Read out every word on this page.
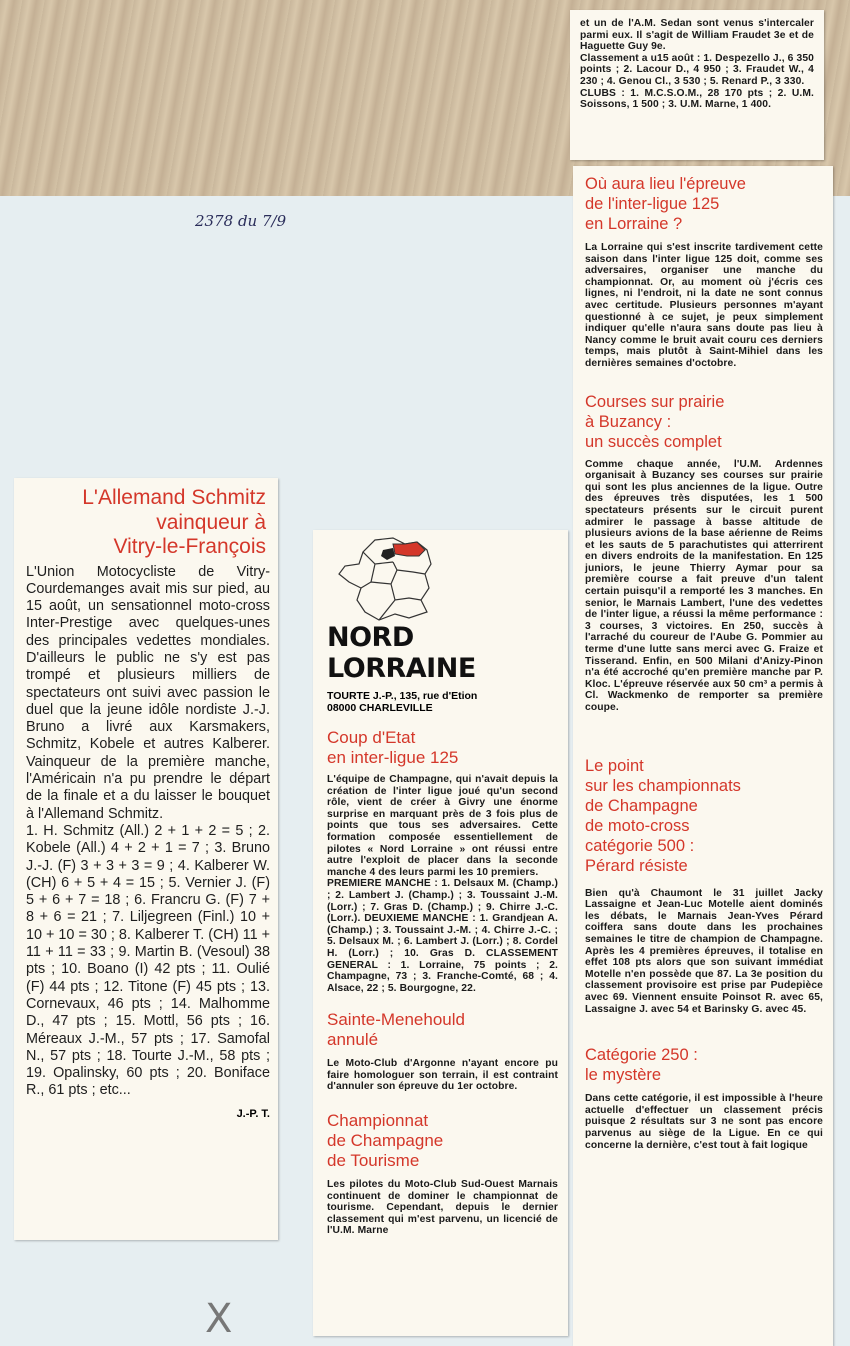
2378 du 7/9
et un de l'A.M. Sedan sont venus s'intercaler parmi eux. Il s'agit de William Fraudet 3e et de Haguette Guy 9e.
Classement a u15 août : 1. Despezello J., 6 350 points ; 2. Lacour D., 4 950 ; 3. Fraudet W., 4 230 ; 4. Genou Cl., 3 530 ; 5. Renard P., 3 330.
CLUBS : 1. M.C.S.O.M., 28 170 pts ; 2. U.M. Soissons, 1 500 ; 3. U.M. Marne, 1 400.
Où aura lieu l'épreuve
de l'inter-ligue 125
en Lorraine ?
La Lorraine qui s'est inscrite tardivement cette saison dans l'inter ligue 125 doit, comme ses adversaires, organiser une manche du championnat. Or, au moment où j'écris ces lignes, ni l'endroit, ni la date ne sont connus avec certitude. Plusieurs personnes m'ayant questionné à ce sujet, je peux simplement indiquer qu'elle n'aura sans doute pas lieu à Nancy comme le bruit avait couru ces derniers temps, mais plutôt à Saint-Mihiel dans les dernières semaines d'octobre.
Courses sur prairie
à Buzancy :
un succès complet
Comme chaque année, l'U.M. Ardennes organisait à Buzancy ses courses sur prairie qui sont les plus anciennes de la ligue. Outre des épreuves très disputées, les 1 500 spectateurs présents sur le circuit purent admirer le passage à basse altitude de plusieurs avions de la base aérienne de Reims et les sauts de 5 parachutistes qui atterrirent en divers endroits de la manifestation. En 125 juniors, le jeune Thierry Aymar pour sa première course a fait preuve d'un talent certain puisqu'il a remporté les 3 manches. En senior, le Marnais Lambert, l'une des vedettes de l'inter ligue, a réussi la même performance : 3 courses, 3 victoires. En 250, succès à l'arraché du coureur de l'Aube G. Pommier au terme d'une lutte sans merci avec G. Fraize et Tisserand. Enfin, en 500 Milani d'Anizy-Pinon n'a été accroché qu'en première manche par P. Kloc. L'épreuve réservée aux 50 cm³ a permis à Cl. Wackmenko de remporter sa première coupe.
Le point
sur les championnats
de Champagne
de moto-cross
catégorie 500 :
Pérard résiste
Bien qu'à Chaumont le 31 juillet Jacky Lassaigne et Jean-Luc Motelle aient dominés les débats, le Marnais Jean-Yves Pérard coiffera sans doute dans les prochaines semaines le titre de champion de Champagne. Après les 4 premières épreuves, il totalise en effet 108 pts alors que son suivant immédiat Motelle n'en possède que 87. La 3e position du classement provisoire est prise par Pudepièce avec 69. Viennent ensuite Poinsot R. avec 65, Lassaigne J. avec 54 et Barinsky G. avec 45.
Catégorie 250 :
le mystère
Dans cette catégorie, il est impossible à l'heure actuelle d'effectuer un classement précis puisque 2 résultats sur 3 ne sont pas encore parvenus au siège de la Ligue. En ce qui concerne la dernière, c'est tout à fait logique
L'Allemand Schmitz
vainqueur à
Vitry-le-François
L'Union Motocycliste de Vitry-Courdemanges avait mis sur pied, au 15 août, un sensationnel moto-cross Inter-Prestige avec quelques-unes des principales vedettes mondiales. D'ailleurs le public ne s'y est pas trompé et plusieurs milliers de spectateurs ont suivi avec passion le duel que la jeune idôle nordiste J.-J. Bruno a livré aux Karsmakers, Schmitz, Kobele et autres Kalberer. Vainqueur de la première manche, l'Américain n'a pu prendre le départ de la finale et a du laisser le bouquet à l'Allemand Schmitz.
1. H. Schmitz (All.) 2 + 1 + 2 = 5 ; 2. Kobele (All.) 4 + 2 + 1 = 7 ; 3. Bruno J.-J. (F) 3 + 3 + 3 = 9 ; 4. Kalberer W. (CH) 6 + 5 + 4 = 15 ; 5. Vernier J. (F) 5 + 6 + 7 = 18 ; 6. Francru G. (F) 7 + 8 + 6 = 21 ; 7. Liljegreen (Finl.) 10 + 10 + 10 = 30 ; 8. Kalberer T. (CH) 11 + 11 + 11 = 33 ; 9. Martin B. (Vesoul) 38 pts ; 10. Boano (I) 42 pts ; 11. Oulié (F) 44 pts ; 12. Titone (F) 45 pts ; 13. Cornevaux, 46 pts ; 14. Malhomme D., 47 pts ; 15. Mottl, 56 pts ; 16. Méreaux J.-M., 57 pts ; 17. Samofal N., 57 pts ; 18. Tourte J.-M., 58 pts ; 19. Opalinsky, 60 pts ; 20. Boniface R., 61 pts ; etc...
J.-P. T.
NORD LORRAINE
TOURTE J.-P., 135, rue d'Etion
08000 CHARLEVILLE
Coup d'Etat
en inter-ligue 125
L'équipe de Champagne, qui n'avait depuis la création de l'inter ligue joué qu'un second rôle, vient de créer à Givry une énorme surprise en marquant près de 3 fois plus de points que tous ses adversaires. Cette formation composée essentiellement de pilotes « Nord Lorraine » ont réussi entre autre l'exploit de placer dans la seconde manche 4 des leurs parmi les 10 premiers.
PREMIERE MANCHE : 1. Delsaux M. (Champ.) ; 2. Lambert J. (Champ.) ; 3. Toussaint J.-M. (Lorr.) ; 7. Gras D. (Champ.) ; 9. Chirre J.-C. (Lorr.). DEUXIEME MANCHE : 1. Grandjean A. (Champ.) ; 3. Toussaint J.-M. ; 4. Chirre J.-C. ; 5. Delsaux M. ; 6. Lambert J. (Lorr.) ; 8. Cordel H. (Lorr.) ; 10. Gras D. CLASSEMENT GENERAL : 1. Lorraine, 75 points ; 2. Champagne, 73 ; 3. Franche-Comté, 68 ; 4. Alsace, 22 ; 5. Bourgogne, 22.
Sainte-Menehould
annulé
Le Moto-Club d'Argonne n'ayant encore pu faire homologuer son terrain, il est contraint d'annuler son épreuve du 1er octobre.
Championnat
de Champagne
de Tourisme
Les pilotes du Moto-Club Sud-Ouest Marnais continuent de dominer le championnat de tourisme. Cependant, depuis le dernier classement qui m'est parvenu, un licencié de l'U.M. Marne
X
